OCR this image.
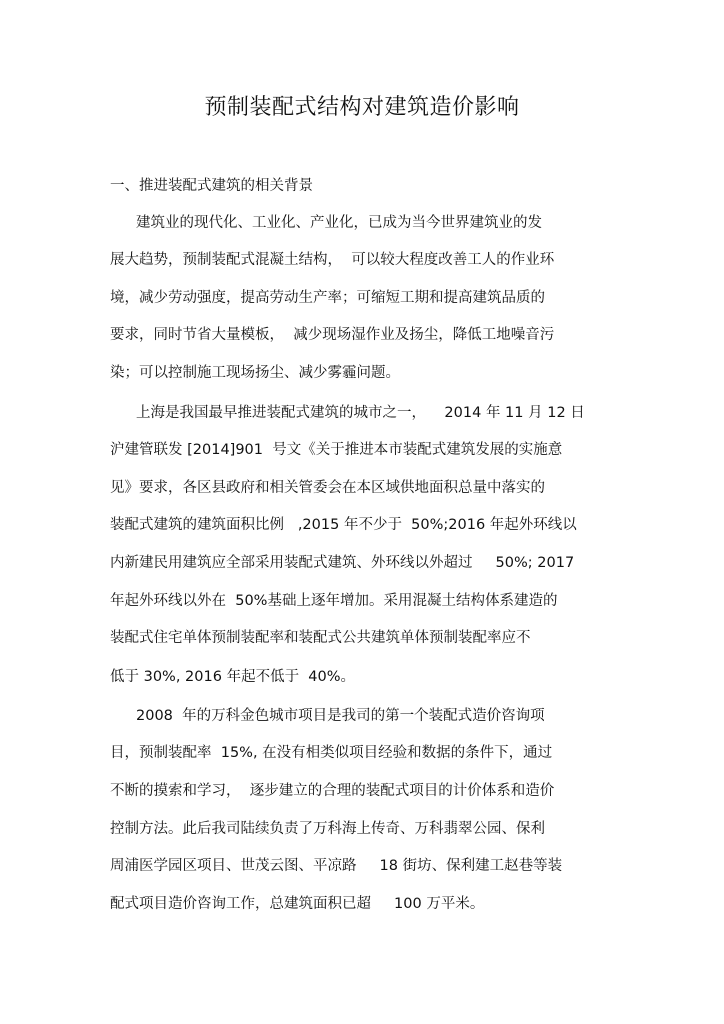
预制装配式结构对建筑造价影响
一、推进装配式建筑的相关背景
建筑业的现代化、工业化、产业化，已成为当今世界建筑业的发
展大趋势，预制装配式混凝土结构，  可以较大程度改善工人的作业环
境，减少劳动强度，提高劳动生产率；可缩短工期和提高建筑品质的
要求，同时节省大量模板，  减少现场湿作业及扬尘，降低工地噪音污
染；可以控制施工现场扬尘、减少雾霾问题。
上海是我国最早推进装配式建筑的城市之一，    2014 年 11 月 12 日
沪建管联发 [2014]901  号文《关于推进本市装配式建筑发展的实施意
见》要求，各区县政府和相关管委会在本区域供地面积总量中落实的
装配式建筑的建筑面积比例   ,2015 年不少于  50%;2016 年起外环线以
内新建民用建筑应全部采用装配式建筑、外环线以外超过     50%; 2017
年起外环线以外在  50%基础上逐年增加。采用混凝土结构体系建造的
装配式住宅单体预制装配率和装配式公共建筑单体预制装配率应不
低于 30%, 2016 年起不低于  40%。
2008  年的万科金色城市项目是我司的第一个装配式造价咨询项
目，预制装配率  15%, 在没有相类似项目经验和数据的条件下，通过
不断的摸索和学习，  逐步建立的合理的装配式项目的计价体系和造价
控制方法。此后我司陆续负责了万科海上传奇、万科翡翠公园、保利
周浦医学园区项目、世茂云图、平凉路     18 街坊、保利建工赵巷等装
配式项目造价咨询工作，总建筑面积已超     100 万平米。
